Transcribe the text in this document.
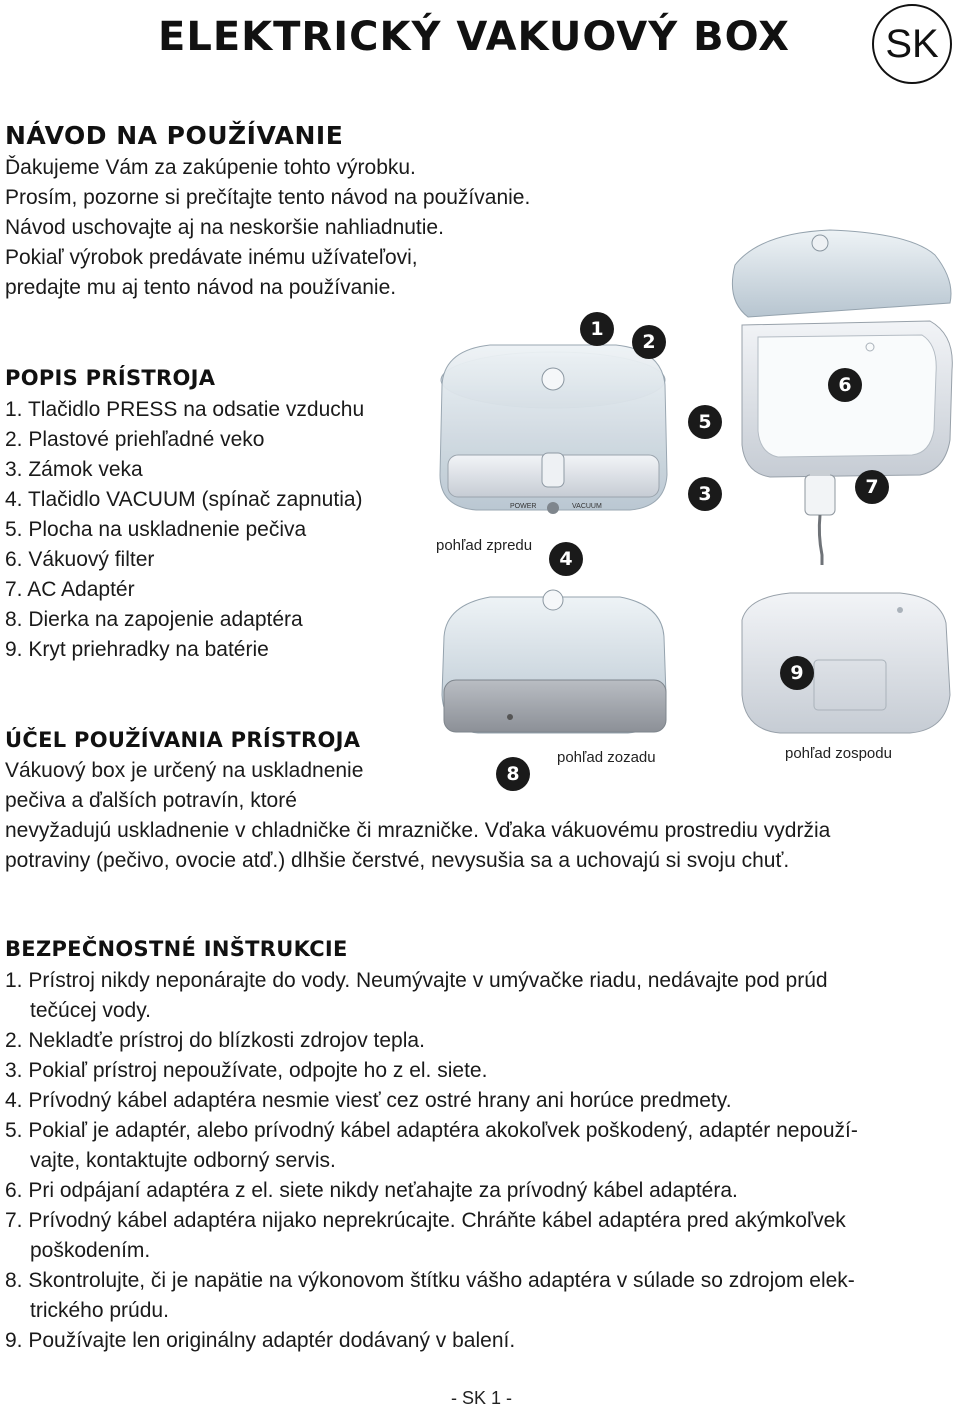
ELEKTRICKÝ VAKUOVÝ BOX	SK
NÁVOD NA POUŽÍVANIE
Ďakujeme Vám za zakúpenie tohto výrobku.
Prosím, pozorne si prečítajte tento návod na používanie.
Návod uschovajte aj na neskoršie nahliadnutie.
Pokiaľ výrobok predávate inému užívateľovi,
predajte mu aj tento návod na používanie.
POPIS PRÍSTROJA
1. Tlačidlo PRESS na odsatie vzduchu
2. Plastové priehľadné veko
3. Zámok veka
4. Tlačidlo VACUUM (spínač zapnutia)
5. Plocha na uskladnenie pečiva
6. Vákuový filter
7. AC Adaptér
8. Dierka na zapojenie adaptéra
9. Kryt priehradky na batérie
POWER	VACUUM
1
2
3
4
5
6
7
8
9
pohľad zpredu
pohľad zozadu	pohľad zospodu
ÚČEL POUŽÍVANIA PRÍSTROJA
Vákuový box je určený na uskladnenie
pečiva a ďalších potravín, ktoré
nevyžadujú uskladnenie v chladničke či mrazničke. Vďaka vákuovému prostrediu vydržia
potraviny (pečivo, ovocie atď.) dlhšie čerstvé, nevysušia sa a uchovajú si svoju chuť.
BEZPEČNOSTNÉ INŠTRUKCIE
1. Prístroj nikdy neponárajte do vody. Neumývajte v umývačke riadu, nedávajte pod prúd
tečúcej vody.
2. Nekladťe prístroj do blízkosti zdrojov tepla.
3. Pokiaľ prístroj nepoužívate, odpojte ho z el. siete.
4. Prívodný kábel adaptéra nesmie viesť cez ostré hrany ani horúce predmety.
5. Pokiaľ je adaptér, alebo prívodný kábel adaptéra akokoľvek poškodený, adaptér nepouží-
vajte, kontaktujte odborný servis.
6. Pri odpájaní adaptéra z el. siete nikdy neťahajte za prívodný kábel adaptéra.
7. Prívodný kábel adaptéra nijako neprekrúcajte. Chráňte kábel adaptéra pred akýmkoľvek
poškodením.
8. Skontrolujte, či je napätie na výkonovom štítku vášho adaptéra v súlade so zdrojom elek-
trického prúdu.
9. Používajte len originálny adaptér dodávaný v balení.
- SK 1 -
